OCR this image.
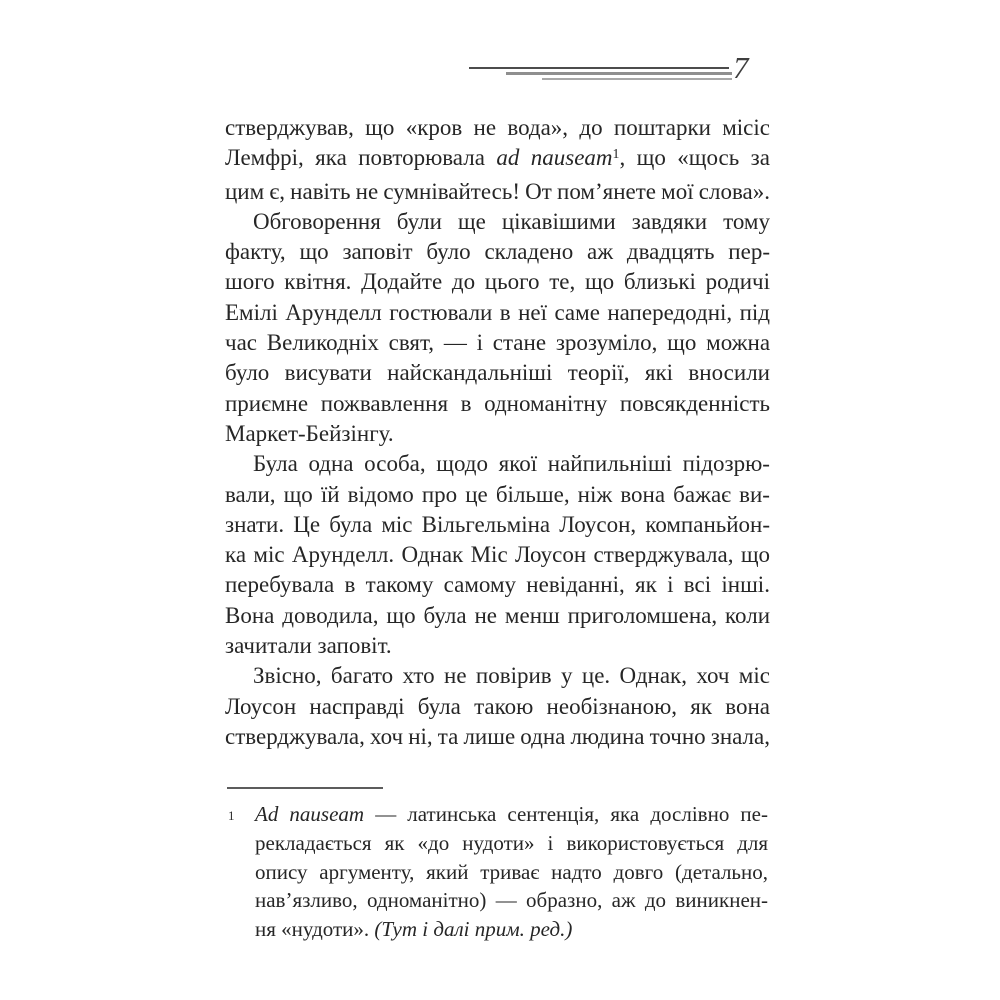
7
стверджував, що «кров не вода», до поштарки місіс
Лемфрі, яка повторювала ad nauseam$^1$, що «щось за
цим є, навіть не сумнівайтесь! От пом’янете мої слова».
Обговорення були ще цікавішими завдяки тому
факту, що заповіт було складено аж двадцять пер-
шого квітня. Додайте до цього те, що близькі родичі
Емілі Арунделл гостювали в неї саме напередодні, під
час Великодніх свят, — і стане зрозуміло, що можна
було висувати найскандальніші теорії, які вносили
приємне пожвавлення в одноманітну повсякденність
Маркет-Бейзінгу.
Була одна особа, щодо якої найпильніші підозрю-
вали, що їй відомо про це більше, ніж вона бажає ви-
знати. Це була міс Вільгельміна Лоусон, компаньйон-
ка міс Арунделл. Однак Міс Лоусон стверджувала, що
перебувала в такому самому невіданні, як і всі інші.
Вона доводила, що була не менш приголомшена, коли
зачитали заповіт.
Звісно, багато хто не повірив у це. Однак, хоч міс
Лоусон насправді була такою необізнаною, як вона
стверджувала, хоч ні, та лише одна людина точно знала,
1 Ad nauseam — латинська сентенція, яка дослівно пе-
рекладається як «до нудоти» і використовується для
опису аргументу, який триває надто довго (детально,
нав’язливо, одноманітно) — образно, аж до виникнен-
ня «нудоти». (Тут і далі прим. ред.)
